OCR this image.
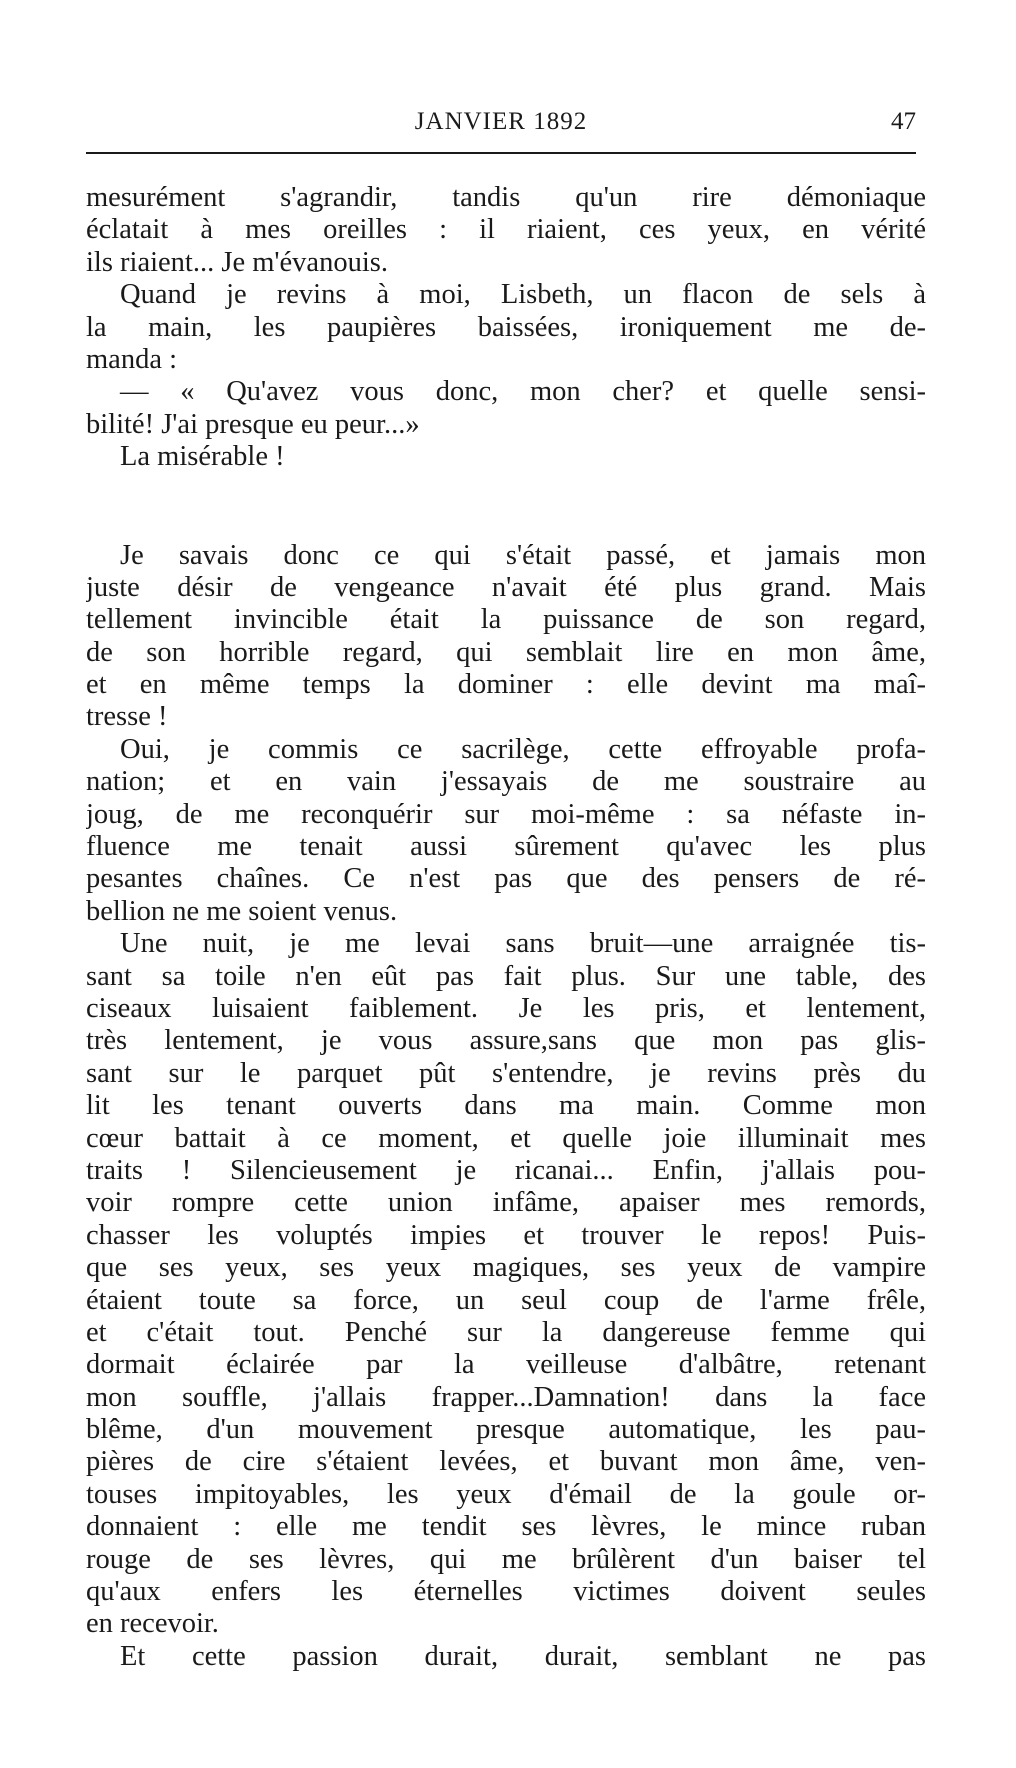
JANVIER 1892	47
mesurément s'agrandir, tandis qu'un rire démoniaque
éclatait à mes oreilles : il riaient, ces yeux, en vérité
ils riaient... Je m'évanouis.
Quand je revins à moi, Lisbeth, un flacon de sels à
la main, les paupières baissées, ironiquement me de-
manda :
— « Qu'avez vous donc, mon cher? et quelle sensi-
bilité! J'ai presque eu peur...»
La misérable !
Je savais donc ce qui s'était passé, et jamais mon
juste désir de vengeance n'avait été plus grand. Mais
tellement invincible était la puissance de son regard,
de son horrible regard, qui semblait lire en mon âme,
et en même temps la dominer : elle devint ma maî-
tresse !
Oui, je commis ce sacrilège, cette effroyable profa-
nation; et en vain j'essayais de me soustraire au
joug, de me reconquérir sur moi-même : sa néfaste in-
fluence me tenait aussi sûrement qu'avec les plus
pesantes chaînes. Ce n'est pas que des pensers de ré-
bellion ne me soient venus.
Une nuit, je me levai sans bruit—une arraignée tis-
sant sa toile n'en eût pas fait plus. Sur une table, des
ciseaux luisaient faiblement. Je les pris, et lentement,
très lentement, je vous assure,sans que mon pas glis-
sant sur le parquet pût s'entendre, je revins près du
lit les tenant ouverts dans ma main. Comme mon
cœur battait à ce moment, et quelle joie illuminait mes
traits ! Silencieusement je ricanai... Enfin, j'allais pou-
voir rompre cette union infâme, apaiser mes remords,
chasser les voluptés impies et trouver le repos! Puis-
que ses yeux, ses yeux magiques, ses yeux de vampire
étaient toute sa force, un seul coup de l'arme frêle,
et c'était tout. Penché sur la dangereuse femme qui
dormait éclairée par la veilleuse d'albâtre, retenant
mon souffle, j'allais frapper...Damnation! dans la face
blême, d'un mouvement presque automatique, les pau-
pières de cire s'étaient levées, et buvant mon âme, ven-
touses impitoyables, les yeux d'émail de la goule or-
donnaient : elle me tendit ses lèvres, le mince ruban
rouge de ses lèvres, qui me brûlèrent d'un baiser tel
qu'aux enfers les éternelles victimes doivent seules
en recevoir.
Et cette passion durait, durait, semblant ne pas
